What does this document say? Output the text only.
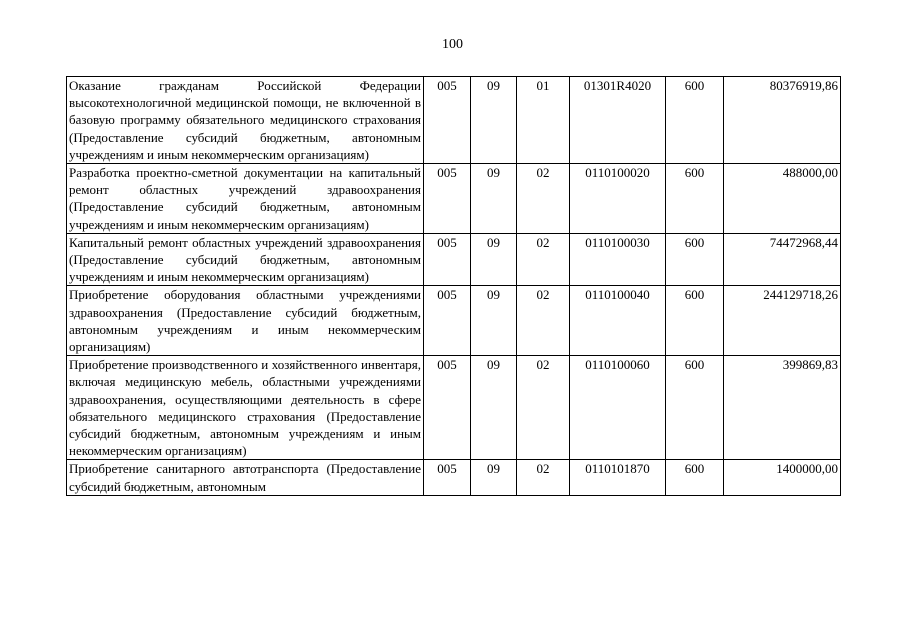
100
Оказание гражданам Российской Федерации высокотехнологичной медицинской помощи, не включенной в базовую программу обязательного медицинского страхования (Предоставление субсидий бюджетным, автономным учреждениям и иным некоммерческим организациям)	005	09	01	01301R4020	600	80376919,86
Разработка проектно-сметной документации на капитальный ремонт областных учреждений здравоохранения (Предоставление субсидий бюджетным, автономным учреждениям и иным некоммерческим организациям)	005	09	02	0110100020	600	488000,00
Капитальный ремонт областных учреждений здравоохранения (Предоставление субсидий бюджетным, автономным учреждениям и иным некоммерческим организациям)	005	09	02	0110100030	600	74472968,44
Приобретение оборудования областными учреждениями здравоохранения (Предоставление субсидий бюджетным, автономным учреждениям и иным некоммерческим организациям)	005	09	02	0110100040	600	244129718,26
Приобретение производственного и хозяйственного инвентаря, включая медицинскую мебель, областными учреждениями здравоохранения, осуществляющими деятельность в сфере обязательного медицинского страхования (Предоставление субсидий бюджетным, автономным учреждениям и иным некоммерческим организациям)	005	09	02	0110100060	600	399869,83
Приобретение санитарного автотранспорта (Предоставление субсидий бюджетным, автономным	005	09	02	0110101870	600	1400000,00
